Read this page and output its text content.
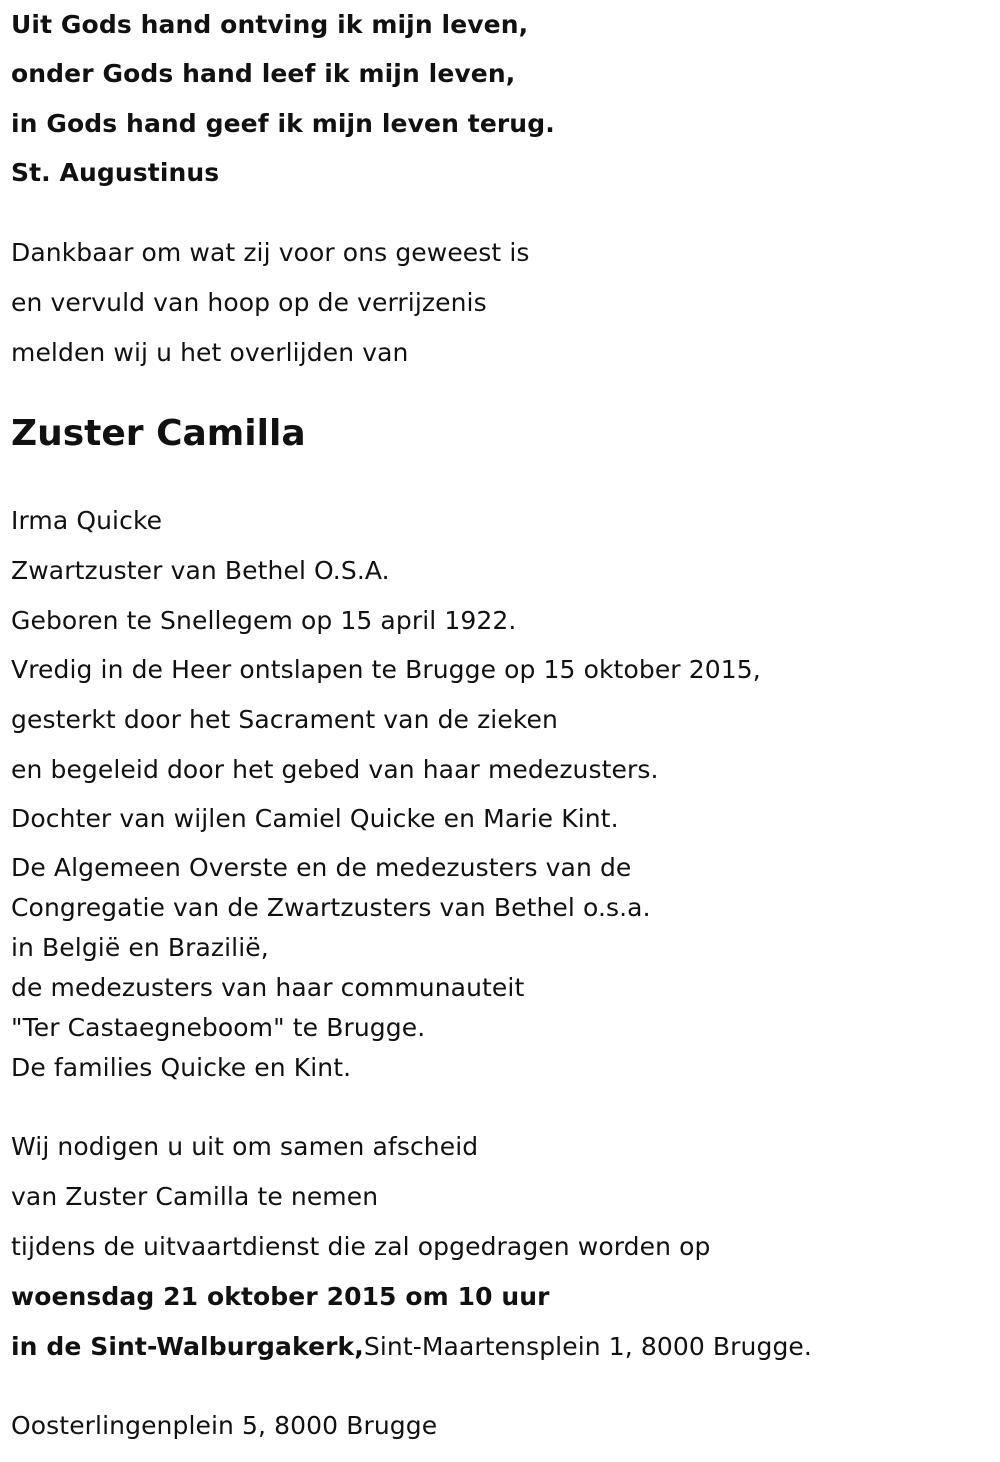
Uit Gods hand ontving ik mijn leven,
onder Gods hand leef ik mijn leven,
in Gods hand geef ik mijn leven terug.
St. Augustinus
Dankbaar om wat zij voor ons geweest is
en vervuld van hoop op de verrijzenis
melden wij u het overlijden van
Zuster Camilla
Irma Quicke
Zwartzuster van Bethel O.S.A.
Geboren te Snellegem op 15 april 1922.
Vredig in de Heer ontslapen te Brugge op 15 oktober 2015,
gesterkt door het Sacrament van de zieken
en begeleid door het gebed van haar medezusters.
Dochter van wijlen Camiel Quicke en Marie Kint.
De Algemeen Overste en de medezusters van de
Congregatie van de Zwartzusters van Bethel o.s.a.
in België en Brazilië,
de medezusters van haar communauteit
"Ter Castaegneboom" te Brugge.
De families Quicke en Kint.
Wij nodigen u uit om samen afscheid
van Zuster Camilla te nemen
tijdens de uitvaartdienst die zal opgedragen worden op
woensdag 21 oktober 2015 om 10 uur
in de Sint-Walburgakerk,Sint-Maartensplein 1, 8000 Brugge.
Oosterlingenplein 5, 8000 Brugge
